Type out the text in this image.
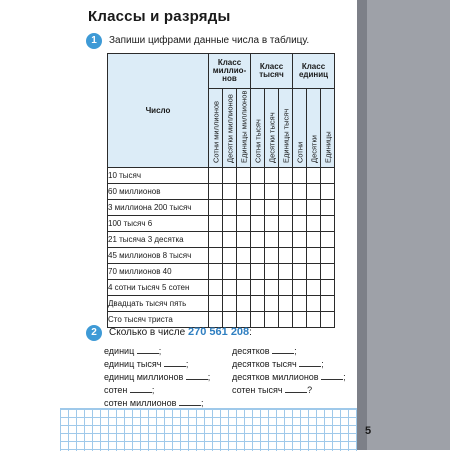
Классы и разряды
1	Запиши цифрами данные числа в таблицу.
Число	Класс миллио-нов			Класс тысяч			Класс единиц		

	Сотни миллионов	Десятки миллионов	Единицы миллионов	Сотни тысяч	Десятки тысяч	Единицы тысяч	Сотни	Десятки	Единицы

10 тысяч									
60 миллионов									
3 миллиона 200 тысяч									
100 тысяч 6									
21 тысяча 3 десятка									
45 миллионов 8 тысяч									
70 миллионов 40									
4 сотни тысяч 5 сотен									
Двадцать тысяч пять									
Сто тысяч триста									
2	Сколько в числе 270 561 208:
единиц	;
единиц тысяч	;
единиц миллионов	;
сотен	;
сотен миллионов	;
десятков	;
десятков тысяч	;
десятков миллионов	;
сотен тысяч	?
5
